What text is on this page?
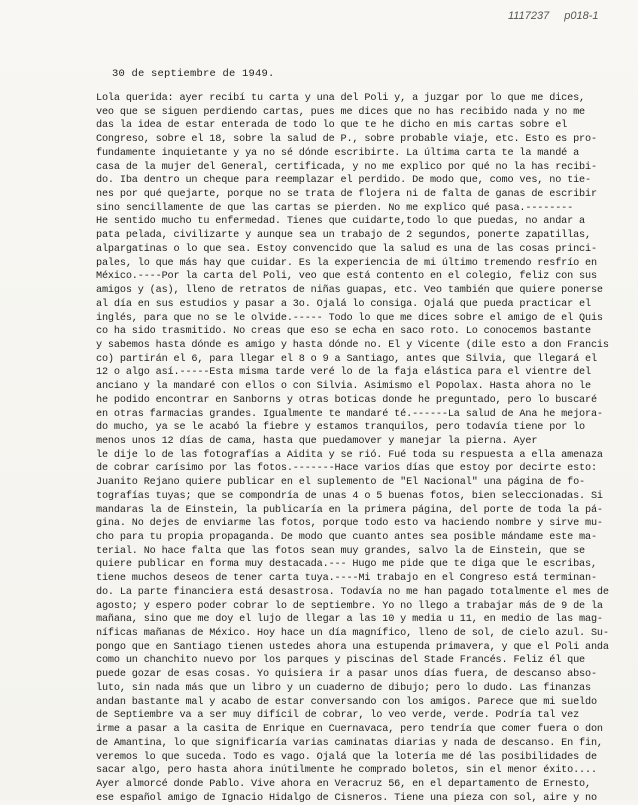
1117237 p018-1
30 de septiembre de 1949.
Lola querida: ayer recibí tu carta y una del Poli y, a juzgar por lo que me dices,
veo que se siguen perdiendo cartas, pues me dices que no has recibido nada y no me
das la idea de estar enterada de todo lo que te he dicho en mis cartas sobre el
Congreso, sobre el 18, sobre la salud de P., sobre probable viaje, etc. Esto es pro-
fundamente inquietante y ya no sé dónde escribirte. La última carta te la mandé a
casa de la mujer del General, certificada, y no me explico por qué no la has recibi-
do. Iba dentro un cheque para reemplazar el perdido. De modo que, como ves, no tie-
nes por qué quejarte, porque no se trata de flojera ni de falta de ganas de escribir
sino sencillamente de que las cartas se pierden. No me explico qué pasa.--------
He sentido mucho tu enfermedad. Tienes que cuidarte,todo lo que puedas, no andar a
pata pelada, civilizarte y aunque sea un trabajo de 2 segundos, ponerte zapatillas,
alpargatinas o lo que sea. Estoy convencido que la salud es una de las cosas princi-
pales, lo que más hay que cuidar. Es la experiencia de mi último tremendo resfrío en
México.----Por la carta del Poli, veo que está contento en el colegio, feliz con sus
amigos y (as), lleno de retratos de niñas guapas, etc. Veo también que quiere ponerse
al día en sus estudios y pasar a 3o. Ojalá lo consiga. Ojalá que pueda practicar el
inglés, para que no se le olvide.----- Todo lo que me dices sobre el amigo de el Quis
co ha sido trasmitido. No creas que eso se echa en saco roto. Lo conocemos bastante
y sabemos hasta dónde es amigo y hasta dónde no. El y Vicente (dile esto a don Francis
co) partirán el 6, para llegar el 8 o 9 a Santiago, antes que Silvia, que llegará el
12 o algo así.-----Esta misma tarde veré lo de la faja elástica para el vientre del
anciano y la mandaré con ellos o con Silvia. Asimismo el Popolax. Hasta ahora no le
he podido encontrar en Sanborns y otras boticas donde he preguntado, pero lo buscaré
en otras farmacias grandes. Igualmente te mandaré té.------La salud de Ana he mejora-
do mucho, ya se le acabó la fiebre y estamos tranquilos, pero todavía tiene por lo
menos unos 12 días de cama, hasta que puedamover y manejar la pierna. Ayer
le dije lo de las fotografías a Aidita y se rió. Fué toda su respuesta a ella amenaza
de cobrar carísimo por las fotos.-------Hace varios días que estoy por decirte esto:
Juanito Rejano quiere publicar en el suplemento de "El Nacional" una página de fo-
tografías tuyas; que se compondría de unas 4 o 5 buenas fotos, bien seleccionadas. Si
mandaras la de Einstein, la publicaría en la primera página, del porte de toda la pá-
gina. No dejes de enviarme las fotos, porque todo esto va haciendo nombre y sirve mu-
cho para tu propia propaganda. De modo que cuanto antes sea posible mándame este ma-
terial. No hace falta que las fotos sean muy grandes, salvo la de Einstein, que se
quiere publicar en forma muy destacada.--- Hugo me pide que te diga que le escribas,
tiene muchos deseos de tener carta tuya.----Mi trabajo en el Congreso está terminan-
do. La parte financiera está desastrosa. Todavía no me han pagado totalmente el mes de
agosto; y espero poder cobrar lo de septiembre. Yo no llego a trabajar más de 9 de la
mañana, sino que me doy el lujo de llegar a las 10 y media u 11, en medio de las mag-
níficas mañanas de México. Hoy hace un día magnífico, lleno de sol, de cielo azul. Su-
pongo que en Santiago tienen ustedes ahora una estupenda primavera, y que el Poli anda
como un chanchito nuevo por los parques y piscinas del Stade Francés. Feliz él que
puede gozar de esas cosas. Yo quisiera ir a pasar unos días fuera, de descanso abso-
luto, sin nada más que un libro y un cuaderno de dibujo; pero lo dudo. Las finanzas
andan bastante mal y acabo de estar conversando con los amigos. Parece que mi sueldo
de Septiembre va a ser muy difícil de cobrar, lo veo verde, verde. Podría tal vez
irme a pasar a la casita de Enrique en Cuernavaca, pero tendría que comer fuera o don
de Amantina, lo que significaría varias caminatas diarias y nada de descanso. En fin,
veremos lo que suceda. Todo es vago. Ojalá que la lotería me dé las posibilidades de
sacar algo, pero hasta ahora inútilmente he comprado boletos, sin el menor éxito....
Ayer almorcé donde Pablo. Vive ahora en Veracruz 56, en el departamento de Ernesto,
ese español amigo de Ignacio Hidalgo de Cisneros. Tiene una pieza con sol, aire y no
